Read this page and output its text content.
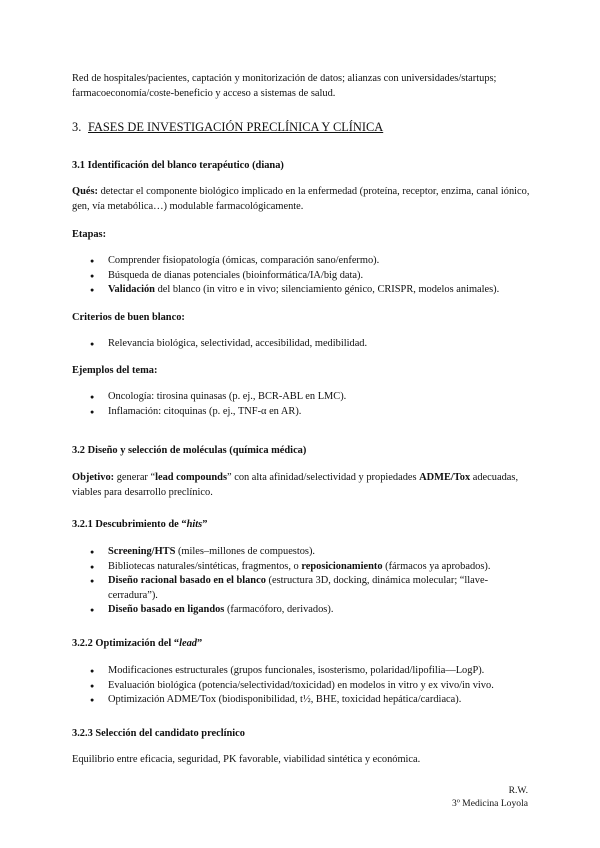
Red de hospitales/pacientes, captación y monitorización de datos; alianzas con universidades/startups; farmacoeconomía/coste-beneficio y acceso a sistemas de salud.

3. FASES DE INVESTIGACIÓN PRECLÍNICA Y CLÍNICA

3.1 Identificación del blanco terapéutico (diana)

Qués: detectar el componente biológico implicado en la enfermedad (proteína, receptor, enzima, canal iónico, gen, vía metabólica…) modulable farmacológicamente.

Etapas:

● Comprender fisiopatología (ómicas, comparación sano/enfermo).
● Búsqueda de dianas potenciales (bioinformática/IA/big data).
● Validación del blanco (in vitro e in vivo; silenciamiento génico, CRISPR, modelos animales).

Criterios de buen blanco:

● Relevancia biológica, selectividad, accesibilidad, medibilidad.

Ejemplos del tema:

● Oncología: tirosina quinasas (p. ej., BCR-ABL en LMC).
● Inflamación: citoquinas (p. ej., TNF-α en AR).

3.2 Diseño y selección de moléculas (química médica)

Objetivo: generar “lead compounds” con alta afinidad/selectividad y propiedades ADME/Tox adecuadas, viables para desarrollo preclínico.

3.2.1 Descubrimiento de “hits”

● Screening/HTS (miles–millones de compuestos).
● Bibliotecas naturales/sintéticas, fragmentos, o reposicionamiento (fármacos ya aprobados).
● Diseño racional basado en el blanco (estructura 3D, docking, dinámica molecular; “llave-cerradura”).
● Diseño basado en ligandos (farmacóforo, derivados).

3.2.2 Optimización del “lead”

● Modificaciones estructurales (grupos funcionales, isosterismo, polaridad/lipofilia—LogP).
● Evaluación biológica (potencia/selectividad/toxicidad) en modelos in vitro y ex vivo/in vivo.
● Optimización ADME/Tox (biodisponibilidad, t½, BHE, toxicidad hepática/cardiaca).

3.2.3 Selección del candidato preclínico

Equilibrio entre eficacia, seguridad, PK favorable, viabilidad sintética y económica.

R.W.
3º Medicina Loyola
